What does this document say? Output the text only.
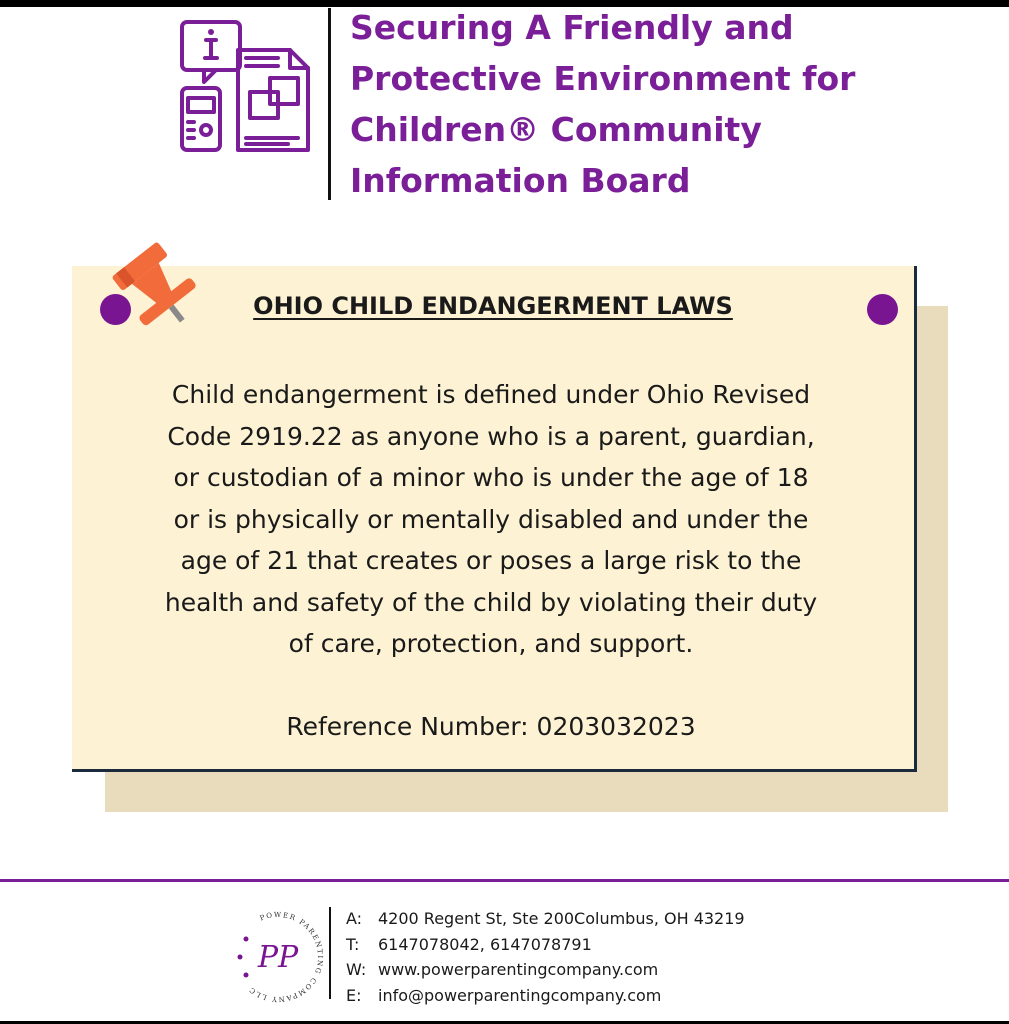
Securing A Friendly and
Protective Environment for
Children® Community
Information Board
OHIO CHILD ENDANGERMENT LAWS
Child endangerment is defined under Ohio Revised
Code 2919.22 as anyone who is a parent, guardian,
or custodian of a minor who is under the age of 18
or is physically or mentally disabled and under the
age of 21 that creates or poses a large risk to the
health and safety of the child by violating their duty
of care, protection, and support.
Reference Number: 0203032023
POWER PARENTING COMPANY LLC
PP
A: 4200 Regent St, Ste 200Columbus, OH 43219
T: 6147078042, 6147078791
W: www.powerparentingcompany.com
E: info@powerparentingcompany.com
